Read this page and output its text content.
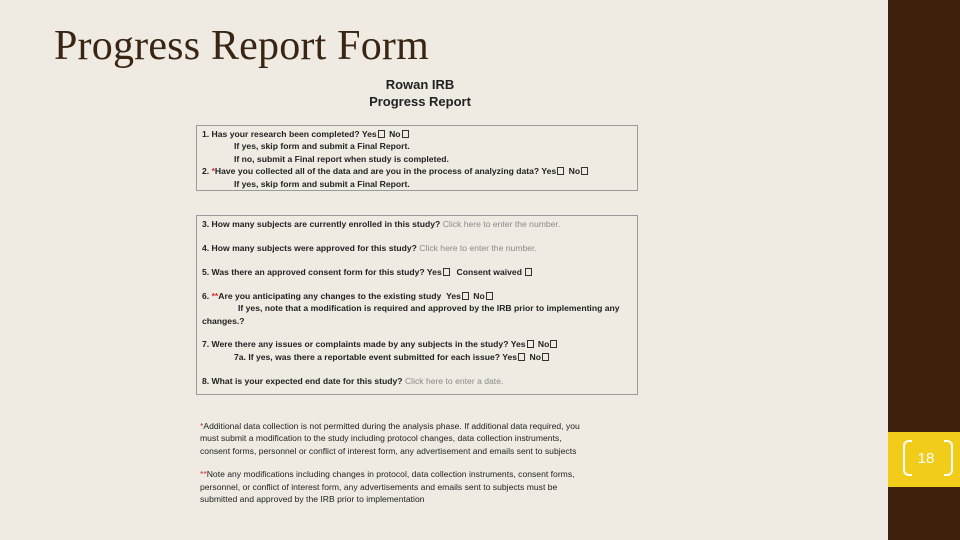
Progress Report Form
18
Rowan IRB
Progress Report
1. Has your research been completed? Yes No
If yes, skip form and submit a Final Report.
If no, submit a Final report when study is completed.
2. *Have you collected all of the data and are you in the process of analyzing data? Yes No
If yes, skip form and submit a Final Report.
3. How many subjects are currently enrolled in this study? Click here to enter the number.
4. How many subjects were approved for this study? Click here to enter the number.
5. Was there an approved consent form for this study? Yes Consent waived
6. **Are you anticipating any changes to the existing study Yes No
If yes, note that a modification is required and approved by the IRB prior to implementing any
changes.?
7. Were there any issues or complaints made by any subjects in the study? Yes No
7a. If yes, was there a reportable event submitted for each issue? Yes No
8. What is your expected end date for this study? Click here to enter a date.

*Additional data collection is not permitted during the analysis phase. If additional data required, you
must submit a modification to the study including protocol changes, data collection instruments,
consent forms, personnel or conflict of interest form, any advertisement and emails sent to subjects

**Note any modifications including changes in protocol, data collection instruments, consent forms,
personnel, or conflict of interest form, any advertisements and emails sent to subjects must be
submitted and approved by the IRB prior to implementation
